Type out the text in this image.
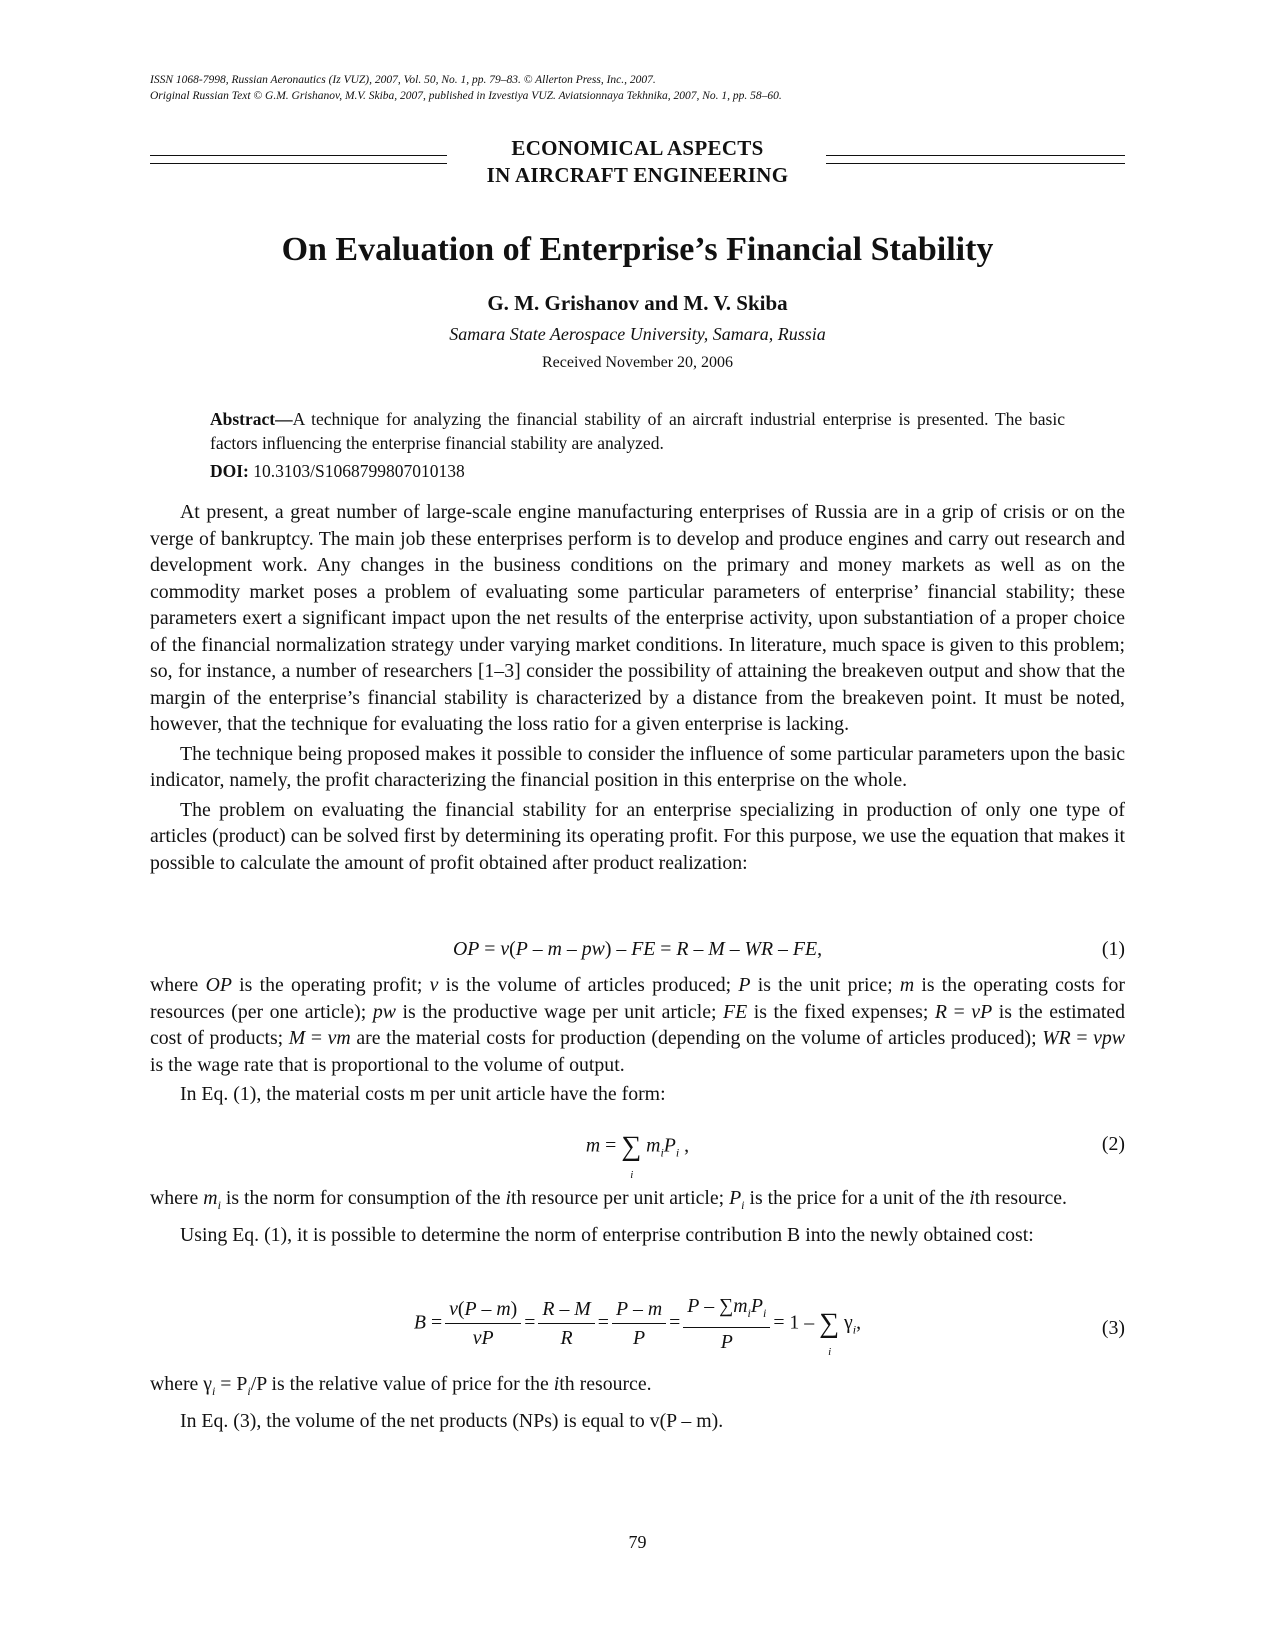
ISSN 1068-7998, Russian Aeronautics (Iz VUZ), 2007, Vol. 50, No. 1, pp. 79–83. © Allerton Press, Inc., 2007.
Original Russian Text © G.M. Grishanov, M.V. Skiba, 2007, published in Izvestiya VUZ. Aviatsionnaya Tekhnika, 2007, No. 1, pp. 58–60.
ECONOMICAL ASPECTS
IN AIRCRAFT ENGINEERING
On Evaluation of Enterprise’s Financial Stability
G. M. Grishanov and M. V. Skiba
Samara State Aerospace University, Samara, Russia
Received November 20, 2006
Abstract—A technique for analyzing the financial stability of an aircraft industrial enterprise is presented. The basic factors influencing the enterprise financial stability are analyzed.
DOI: 10.3103/S1068799807010138

At present, a great number of large-scale engine manufacturing enterprises of Russia are in a grip of crisis or on the verge of bankruptcy. The main job these enterprises perform is to develop and produce engines and carry out research and development work. Any changes in the business conditions on the primary and money markets as well as on the commodity market poses a problem of evaluating some particular parameters of enterprise’ financial stability; these parameters exert a significant impact upon the net results of the enterprise activity, upon substantiation of a proper choice of the financial normalization strategy under varying market conditions. In literature, much space is given to this problem; so, for instance, a number of researchers [1–3] consider the possibility of attaining the breakeven output and show that the margin of the enterprise’s financial stability is characterized by a distance from the breakeven point. It must be noted, however, that the technique for evaluating the loss ratio for a given enterprise is lacking.

The technique being proposed makes it possible to consider the influence of some particular parameters upon the basic indicator, namely, the profit characterizing the financial position in this enterprise on the whole.

The problem on evaluating the financial stability for an enterprise specializing in production of only one type of articles (product) can be solved first by determining its operating profit. For this purpose, we use the equation that makes it possible to calculate the amount of profit obtained after product realization:

OP = v(P – m – pw) – FE = R – M – WR – FE,	(1)

where OP is the operating profit; v is the volume of articles produced; P is the unit price; m is the operating costs for resources (per one article); pw is the productive wage per unit article; FE is the fixed expenses; R = vP is the estimated cost of products; M = vm are the material costs for production (depending on the volume of articles produced); WR = vpw is the wage rate that is proportional to the volume of output.

In Eq. (1), the material costs m per unit article have the form:

m = ∑
i
$m_iP_i$ ,	(2)

where $m_i$ is the norm for consumption of the ith resource per unit article; $P_i$ is the price for a unit of the ith resource.

Using Eq. (1), it is possible to determine the norm of enterprise contribution B into the newly obtained cost:

$B = \frac{v(P - m)}{vP} = \frac{R - M}{R} = \frac{P - m}{P} = \frac{P - \sum m_iP_i}{P} = 1$ – ∑
i
$\gamma_i$,	(3)

where $\gamma_i = P_i/P$ is the relative value of price for the ith resource.

In Eq. (3), the volume of the net products (NPs) is equal to v(P – m).

79
